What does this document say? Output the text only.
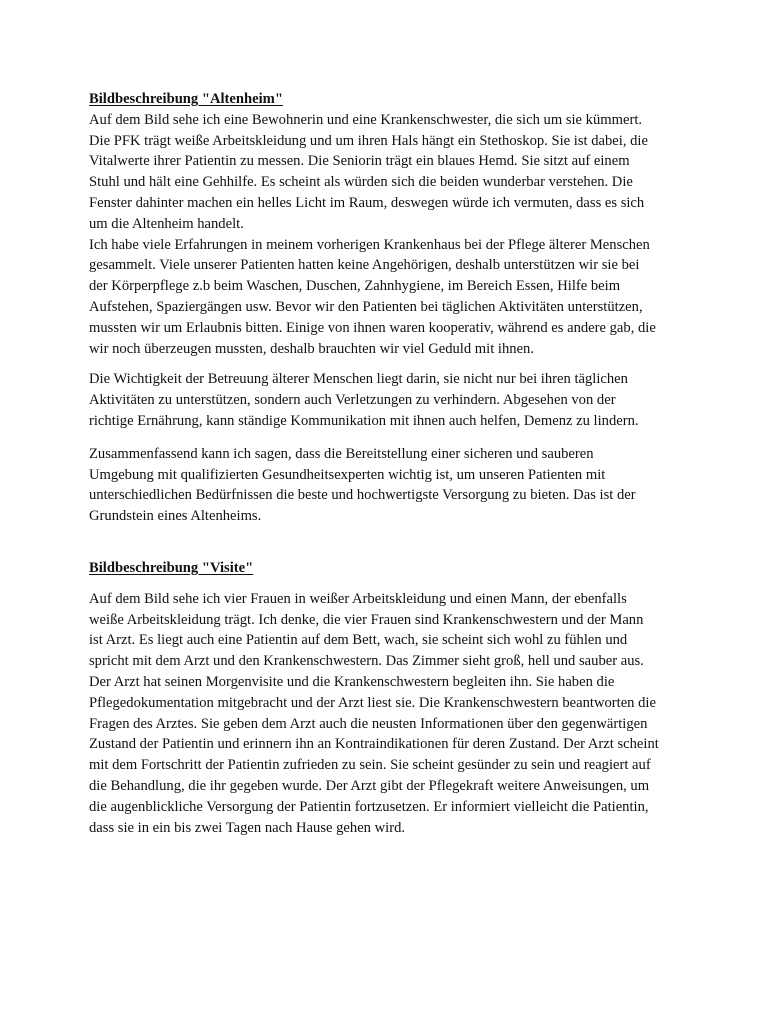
Bildbeschreibung "Altenheim"
Auf dem Bild sehe ich eine Bewohnerin und eine Krankenschwester, die sich um sie kümmert.
Die PFK trägt weiße Arbeitskleidung und um ihren Hals hängt ein Stethoskop. Sie ist dabei, die
Vitalwerte ihrer Patientin zu messen. Die Seniorin trägt ein blaues Hemd. Sie sitzt auf einem
Stuhl und hält eine Gehhilfe. Es scheint als würden sich die beiden wunderbar verstehen. Die
Fenster dahinter machen ein helles Licht im Raum, deswegen würde ich vermuten, dass es sich
um die Altenheim handelt.
Ich habe viele Erfahrungen in meinem vorherigen Krankenhaus bei der Pflege älterer Menschen
gesammelt. Viele unserer Patienten hatten keine Angehörigen, deshalb unterstützen wir sie bei
der Körperpflege z.b beim Waschen, Duschen, Zahnhygiene, im Bereich Essen, Hilfe beim
Aufstehen, Spaziergängen usw. Bevor wir den Patienten bei täglichen Aktivitäten unterstützen,
mussten wir um Erlaubnis bitten. Einige von ihnen waren kooperativ, während es andere gab, die
wir noch überzeugen mussten, deshalb brauchten wir viel Geduld mit ihnen.
Die Wichtigkeit der Betreuung älterer Menschen liegt darin, sie nicht nur bei ihren täglichen
Aktivitäten zu unterstützen, sondern auch Verletzungen zu verhindern. Abgesehen von der
richtige Ernährung, kann ständige Kommunikation mit ihnen auch helfen, Demenz zu lindern.
Zusammenfassend kann ich sagen, dass die Bereitstellung einer sicheren und sauberen
Umgebung mit qualifizierten Gesundheitsexperten wichtig ist, um unseren Patienten mit
unterschiedlichen Bedürfnissen die beste und hochwertigste Versorgung zu bieten. Das ist der
Grundstein eines Altenheims.
Bildbeschreibung "Visite"
Auf dem Bild sehe ich vier Frauen in weißer Arbeitskleidung und einen Mann, der ebenfalls
weiße Arbeitskleidung trägt. Ich denke, die vier Frauen sind Krankenschwestern und der Mann
ist Arzt. Es liegt auch eine Patientin auf dem Bett, wach, sie scheint sich wohl zu fühlen und
spricht mit dem Arzt und den Krankenschwestern. Das Zimmer sieht groß, hell und sauber aus.
Der Arzt hat seinen Morgenvisite und die Krankenschwestern begleiten ihn. Sie haben die
Pflegedokumentation mitgebracht und der Arzt liest sie. Die Krankenschwestern beantworten die
Fragen des Arztes. Sie geben dem Arzt auch die neusten Informationen über den gegenwärtigen
Zustand der Patientin und erinnern ihn an Kontraindikationen für deren Zustand. Der Arzt scheint
mit dem Fortschritt der Patientin zufrieden zu sein. Sie scheint gesünder zu sein und reagiert auf
die Behandlung, die ihr gegeben wurde. Der Arzt gibt der Pflegekraft weitere Anweisungen, um
die augenblickliche Versorgung der Patientin fortzusetzen. Er informiert vielleicht die Patientin,
dass sie in ein bis zwei Tagen nach Hause gehen wird.
